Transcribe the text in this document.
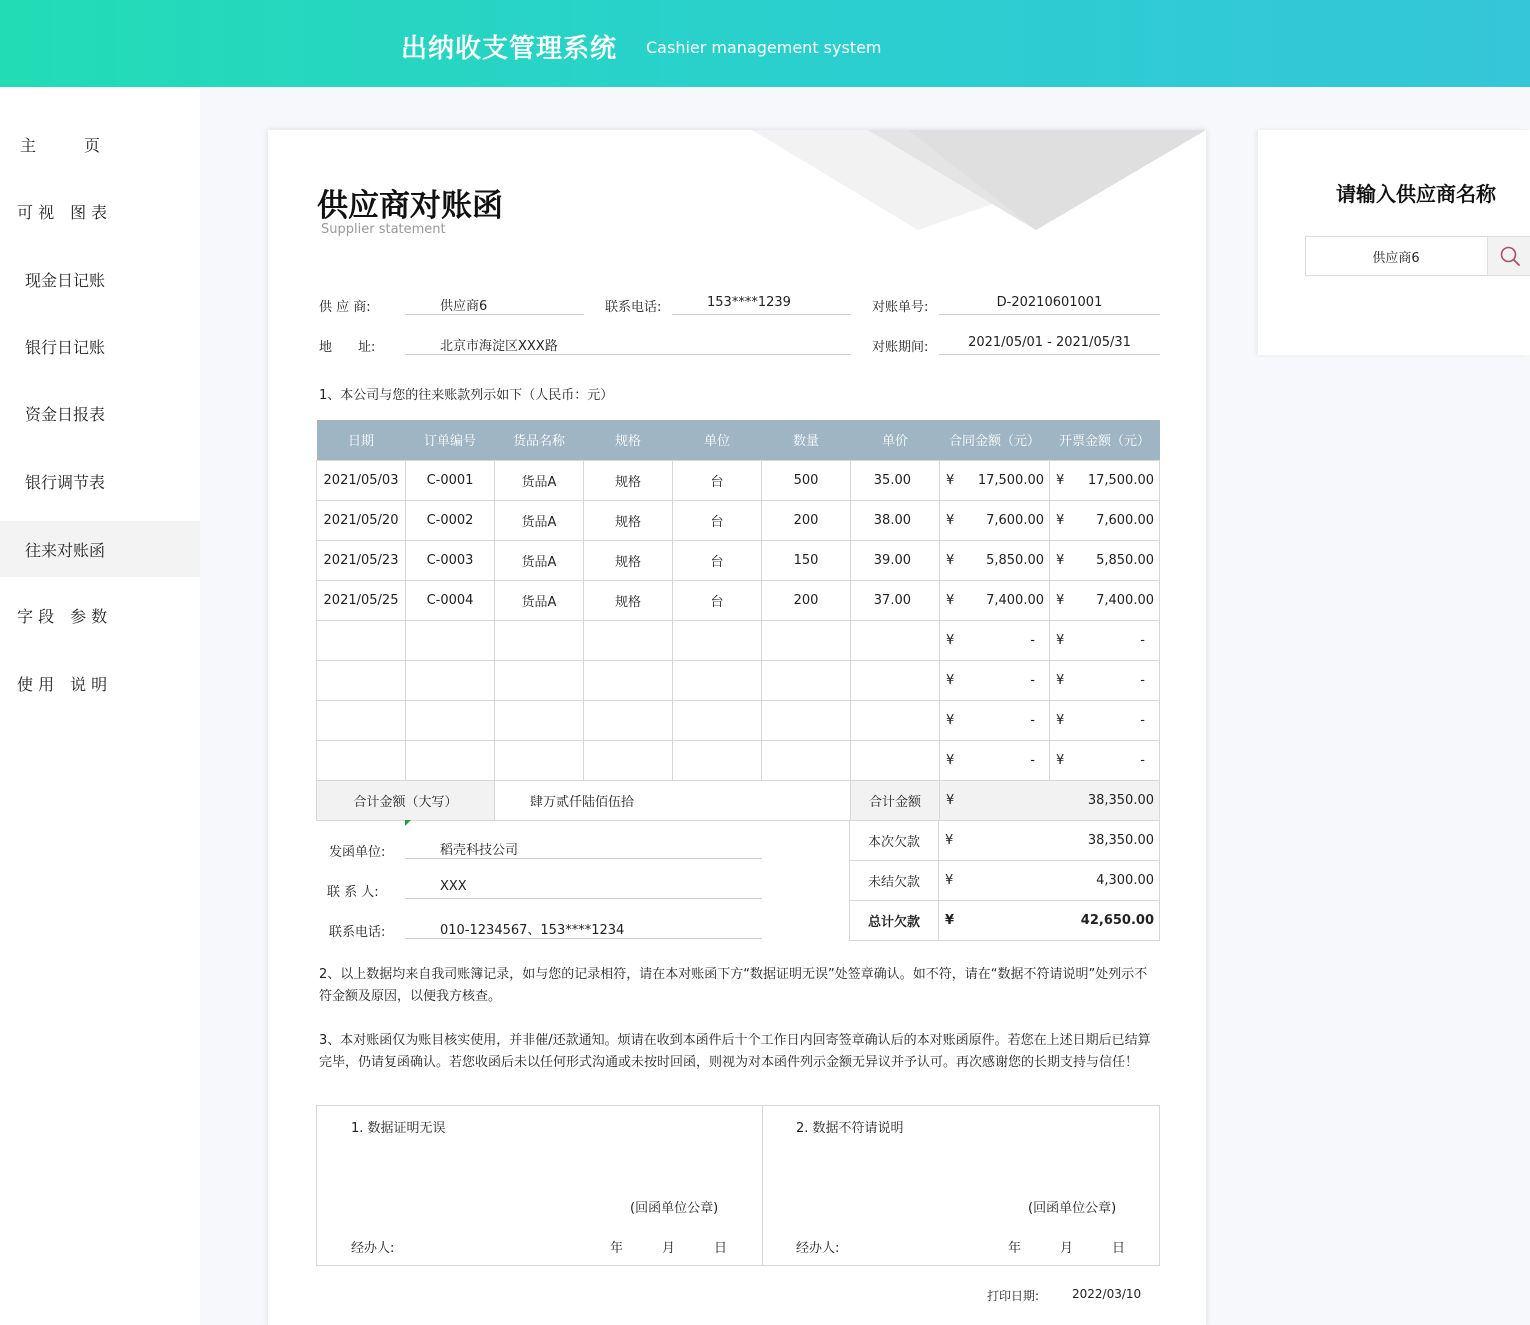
出纳收支管理系统 Cashier management system
主　　　页
可 视　图 表
现金日记账
银行日记账
资金日报表
银行调节表
往来对账函
字 段　参 数
使 用　说 明
供应商对账函
Supplier statement
供 应 商:	供应商6	联系电话:	153****1239	对账单号:	D-20210601001
地　　址:	北京市海淀区XXX路	对账期间:	2021/05/01 - 2021/05/31
1、本公司与您的往来账款列示如下（人民币：元）
日期	订单编号	货品名称	规格	单位	数量	单价	合同金额（元）	开票金额（元）
2021/05/03	C-0001	货品A	规格	台	500	35.00	¥ 17,500.00	¥ 17,500.00
2021/05/20	C-0002	货品A	规格	台	200	38.00	¥ 7,600.00	¥ 7,600.00
2021/05/23	C-0003	货品A	规格	台	150	39.00	¥ 5,850.00	¥ 5,850.00
2021/05/25	C-0004	货品A	规格	台	200	37.00	¥ 7,400.00	¥ 7,400.00

							¥ -	¥ -

							¥ -	¥ -

							¥ -	¥ -

							¥ -	¥ -
合计金额（大写）		肆万贰仟陆佰伍拾				合计金额	¥ 38,350.00	
本次欠款	¥ 38,350.00
未结欠款	¥ 4,300.00
总计欠款	¥ 42,650.00
发函单位:	稻壳科技公司
联 系 人:	XXX
联系电话:	010-1234567、153****1234
2、以上数据均来自我司账簿记录，如与您的记录相符，请在本对账函下方“数据证明无误”处签章确认。如不符，请在“数据不符请说明”处列示不符金额及原因，以便我方核查。
3、本对账函仅为账目核实使用，并非催/还款通知。烦请在收到本函件后十个工作日内回寄签章确认后的本对账函原件。若您在上述日期后已结算完毕，仍请复函确认。若您收函后未以任何形式沟通或未按时回函，则视为对本函件列示金额无异议并予认可。再次感谢您的长期支持与信任！
1. 数据证明无误
(回函单位公章)
经办人:	年	月	日
2. 数据不符请说明
(回函单位公章)
经办人:	年	月	日
打印日期:	2022/03/10
请输入供应商名称
供应商6
